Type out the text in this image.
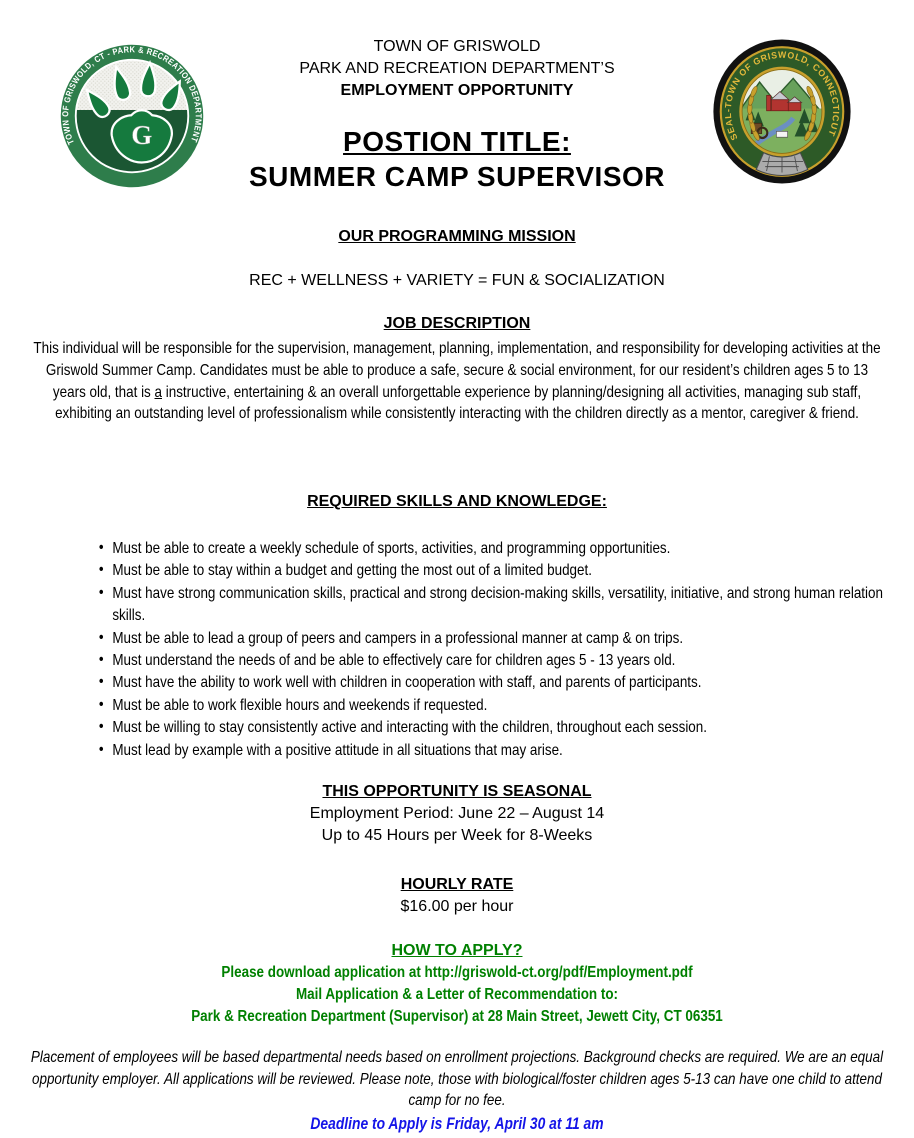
G
TOWN OF GRISWOLD, CT - PARK & RECREATION DEPARTMENT	SEAL-TOWN OF GRISWOLD, CONNECTICUT
TOWN OF GRISWOLD
PARK AND RECREATION DEPARTMENT’S
EMPLOYMENT OPPORTUNITY
POSTION TITLE:
SUMMER CAMP SUPERVISOR
OUR PROGRAMMING MISSION
REC + WELLNESS + VARIETY = FUN & SOCIALIZATION
JOB DESCRIPTION

This individual will be responsible for the supervision, management, planning, implementation, and responsibility for developing activities at the Griswold Summer Camp. Candidates must be able to produce a safe, secure & social environment, for our resident’s children ages 5 to 13 years old, that is a instructive, entertaining & an overall unforgettable experience by planning/designing all activities, managing sub staff, exhibiting an outstanding level of professionalism while consistently interacting with the children directly as a mentor, caregiver & friend.

REQUIRED SKILLS AND KNOWLEDGE:
• Must be able to create a weekly schedule of sports, activities, and programming opportunities.
• Must be able to stay within a budget and getting the most out of a limited budget.
• Must have strong communication skills, practical and strong decision-making skills, versatility, initiative, and strong human relation skills.
• Must be able to lead a group of peers and campers in a professional manner at camp & on trips.
• Must understand the needs of and be able to effectively care for children ages 5 - 13 years old.
• Must have the ability to work well with children in cooperation with staff, and parents of participants.
• Must be able to work flexible hours and weekends if requested.
• Must be willing to stay consistently active and interacting with the children, throughout each session.
• Must lead by example with a positive attitude in all situations that may arise.
THIS OPPORTUNITY IS SEASONAL
Employment Period: June 22 – August 14
Up to 45 Hours per Week for 8-Weeks
HOURLY RATE
$16.00 per hour
HOW TO APPLY?
Please download application at http://griswold-ct.org/pdf/Employment.pdf
Mail Application & a Letter of Recommendation to:
Park & Recreation Department (Supervisor) at 28 Main Street, Jewett City, CT 06351
Placement of employees will be based departmental needs based on enrollment projections. Background checks are required. We are an equal opportunity employer. All applications will be reviewed. Please note, those with biological/foster children ages 5-13 can have one child to attend camp for no fee.
Deadline to Apply is Friday, April 30 at 11 am
